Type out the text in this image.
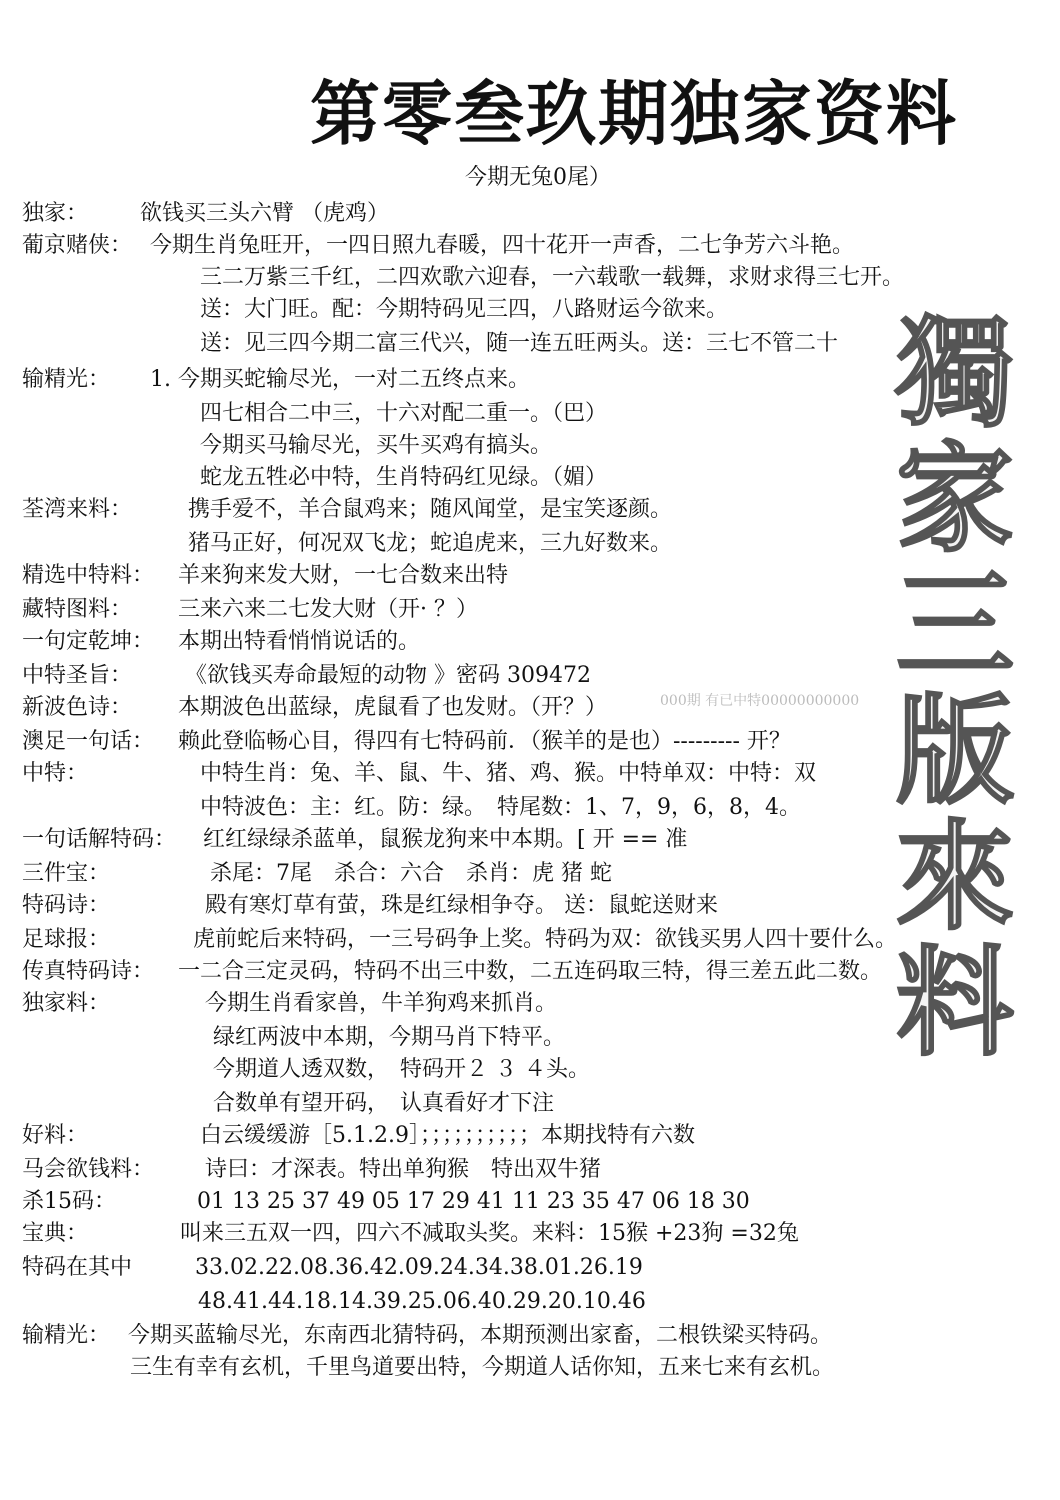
第零叁玖期独家资料
今期无兔0尾）
獨
家
三
版
來
料
000期 有已中特00000000000
独家： 欲钱买三头六臂 （虎鸡）
葡京赌侠： 今期生肖兔旺开，一四日照九春暖，四十花开一声香，二七争芳六斗艳。
三二万紫三千红，二四欢歌六迎春，一六载歌一载舞，求财求得三七开。
送：大门旺。配：今期特码见三四，八路财运今欲来。
送：见三四今期二富三代兴，随一连五旺两头。送：三七不管二十
输精光： 1. 今期买蛇输尽光，一对二五终点来。
四七相合二中三，十六对配二重一。（巴）
今期买马输尽光，买牛买鸡有搞头。
蛇龙五牲必中特，生肖特码红见绿。（媚）
荃湾来料：	携手爱不，羊合鼠鸡来；随风闻堂，是宝笑逐颜。
猪马正好，何况双飞龙；蛇追虎来，三九好数来。
精选中特料： 羊来狗来发大财，一七合数来出特
藏特图料： 三来六来二七发大财（开· ？）
一句定乾坤： 本期出特看悄悄说话的。
中特圣旨： 《欲钱买寿命最短的动物 》密码 309472
新波色诗： 本期波色出蓝绿，虎鼠看了也发财。（开？）
澳足一句话： 赖此登临畅心目，得四有七特码前．（猴羊的是也）--------- 开？
中特：	中特生肖：兔、羊、鼠、牛、猪、鸡、猴。中特单双：中特：双
中特波色：主：红。防：绿。　特尾数：1、7，9，6，8，4。
一句话解特码： 红红绿绿杀蓝单，鼠猴龙狗来中本期。[ 开 == 准
三件宝：	杀尾：7尾　杀合：六合　杀肖：虎 猪 蛇
特码诗：	殿有寒灯草有萤，珠是红绿相争夺。 送：鼠蛇送财来
足球报：	虎前蛇后来特码，一三号码争上奖。特码为双：欲钱买男人四十要什么。
传真特码诗： 一二合三定灵码，特码不出三中数，二五连码取三特，得三差五此二数。
独家料：	今期生肖看家兽，牛羊狗鸡来抓肖。
绿红两波中本期，今期马肖下特平。
今期道人透双数，　特码开２ ３ ４头。
合数单有望开码，　认真看好才下注
好料：	白云缓缓游［5.1.2.9］；；；；；；；；；；本期找特有六数
马会欲钱料： 诗曰：才深表。特出单狗猴　特出双牛猪
杀15码：	01 13 25 37 49 05 17 29 41 11 23 35 47 06 18 30
宝典：	叫来三五双一四，四六不减取头奖。来料：15猴 +23狗 =32兔
特码在其中	33.02.22.08.36.42.09.24.34.38.01.26.19
48.41.44.18.14.39.25.06.40.29.20.10.46
输精光： 今期买蓝输尽光，东南西北猜特码，本期预测出家畜，二根铁梁买特码。
三生有幸有玄机，千里鸟道要出特，今期道人话你知，五来七来有玄机。
